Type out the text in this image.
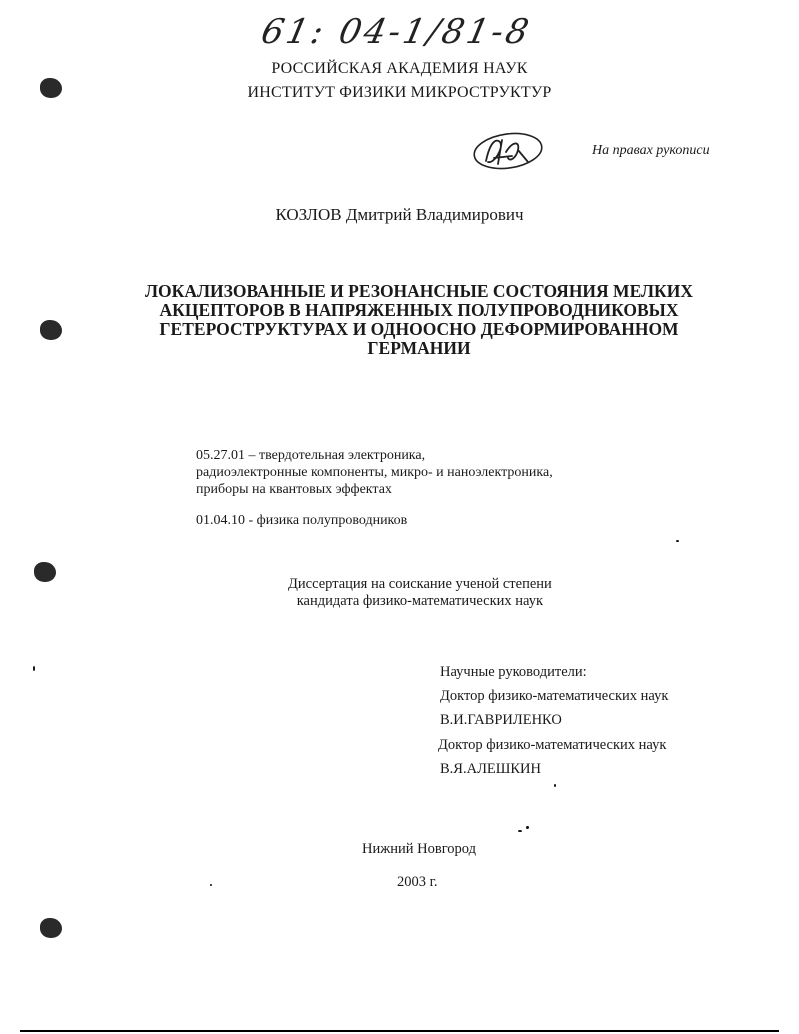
61: 04-1/81-8
РОССИЙСКАЯ АКАДЕМИЯ НАУК
ИНСТИТУТ ФИЗИКИ МИКРОСТРУКТУР
На правах рукописи
КОЗЛОВ Дмитрий Владимирович
ЛОКАЛИЗОВАННЫЕ И РЕЗОНАНСНЫЕ СОСТОЯНИЯ МЕЛКИХ
АКЦЕПТОРОВ В НАПРЯЖЕННЫХ ПОЛУПРОВОДНИКОВЫХ
ГЕТЕРОСТРУКТУРАХ И ОДНООСНО ДЕФОРМИРОВАННОМ
ГЕРМАНИИ
05.27.01 – твердотельная электроника,
радиоэлектронные компоненты, микро- и наноэлектроника,
приборы на квантовых эффектах
01.04.10 - физика полупроводников
Диссертация на соискание ученой степени
кандидата физико-математических наук
Научные руководители:
Доктор физико-математических наук
В.И.ГАВРИЛЕНКО
Доктор физико-математических наук
В.Я.АЛЕШКИН
Нижний Новгород
2003 г.
